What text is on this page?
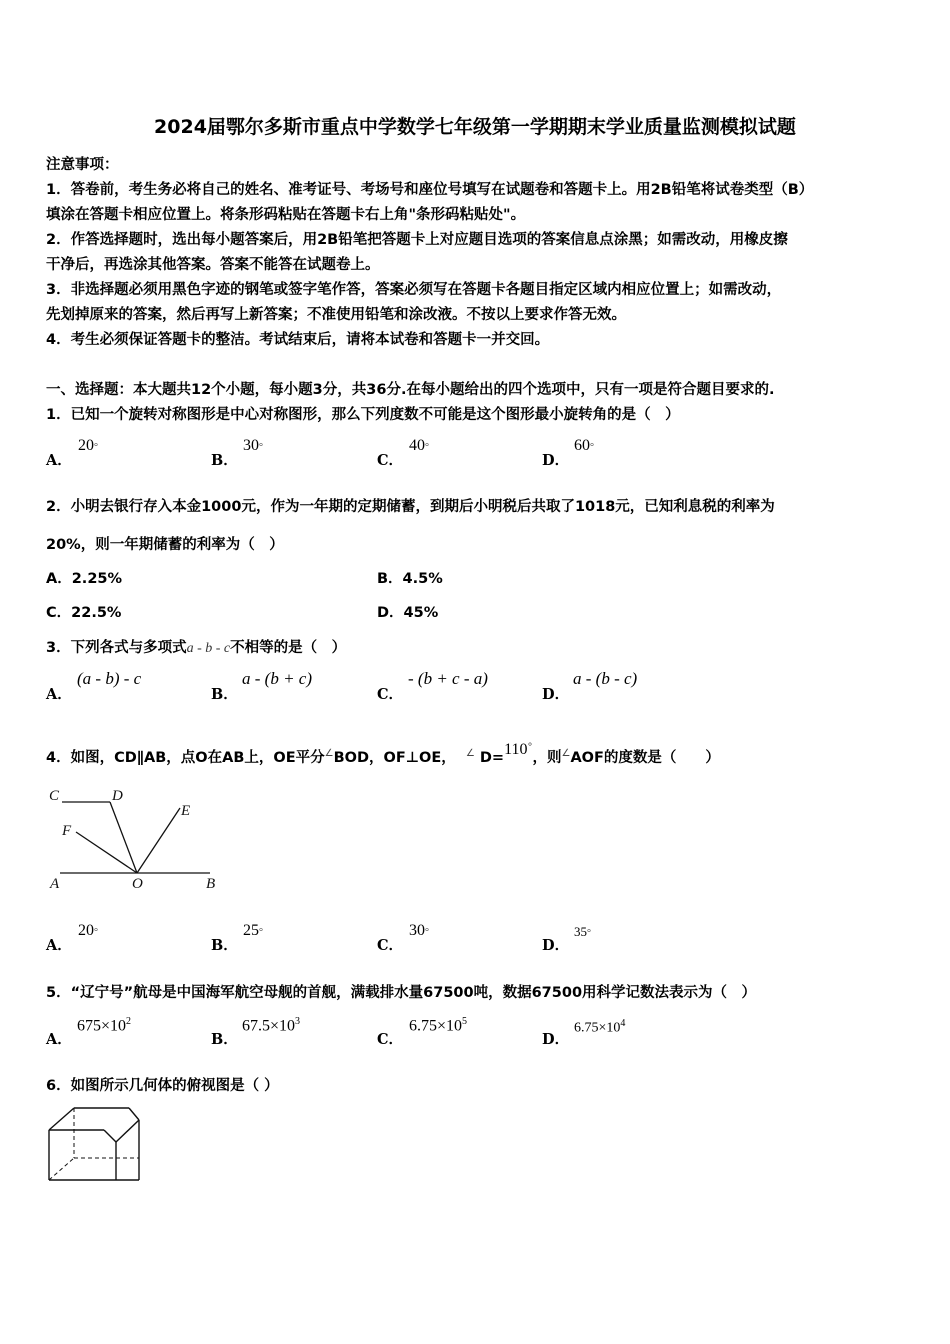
2024届鄂尔多斯市重点中学数学七年级第一学期期末学业质量监测模拟试题
注意事项：
1．答卷前，考生务必将自己的姓名、准考证号、考场号和座位号填写在试题卷和答题卡上。用2B铅笔将试卷类型（B）
填涂在答题卡相应位置上。将条形码粘贴在答题卡右上角"条形码粘贴处"。
2．作答选择题时，选出每小题答案后，用2B铅笔把答题卡上对应题目选项的答案信息点涂黑；如需改动，用橡皮擦
干净后，再选涂其他答案。答案不能答在试题卷上。
3．非选择题必须用黑色字迹的钢笔或签字笔作答，答案必须写在答题卡各题目指定区域内相应位置上；如需改动，
先划掉原来的答案，然后再写上新答案；不准使用铅笔和涂改液。不按以上要求作答无效。
4．考生必须保证答题卡的整洁。考试结束后，请将本试卷和答题卡一并交回。
一、选择题：本大题共12个小题，每小题3分，共36分.在每小题给出的四个选项中，只有一项是符合题目要求的.
1．已知一个旋转对称图形是中心对称图形，那么下列度数不可能是这个图形最小旋转角的是（　）
A．
20°
B．
30°
C．
40°
D．
60°
2．小明去银行存入本金1000元，作为一年期的定期储蓄，到期后小明税后共取了1018元，已知利息税的利率为
20%，则一年期储蓄的利率为（　）
A．2.25%	B．4.5%
C．22.5%	D．45%
3．下列各式与多项式a - b - c不相等的是（　）
A．
(a - b) - c
B．
a - (b + c)
C．
- (b + c - a)
D．
a - (b - c)
4．如图，CD∥AB，点O在AB上，OE平分∠BOD，OF⊥OE， ∠ D=110°，则∠AOF的度数是（　　）
C	D
E
F
A	O	B
A．
20°
B．
25°
C．
30°
D．
35°
5．“辽宁号”航母是中国海军航空母舰的首舰，满载排水量67500吨，数据67500用科学记数法表示为（　）
A．
$675\times 10^2$
B．
$67.5\times 10^3$
C．
$6.75\times 10^5$
D．
$6.75\times 10^4$
6．如图所示几何体的俯视图是（ ）
